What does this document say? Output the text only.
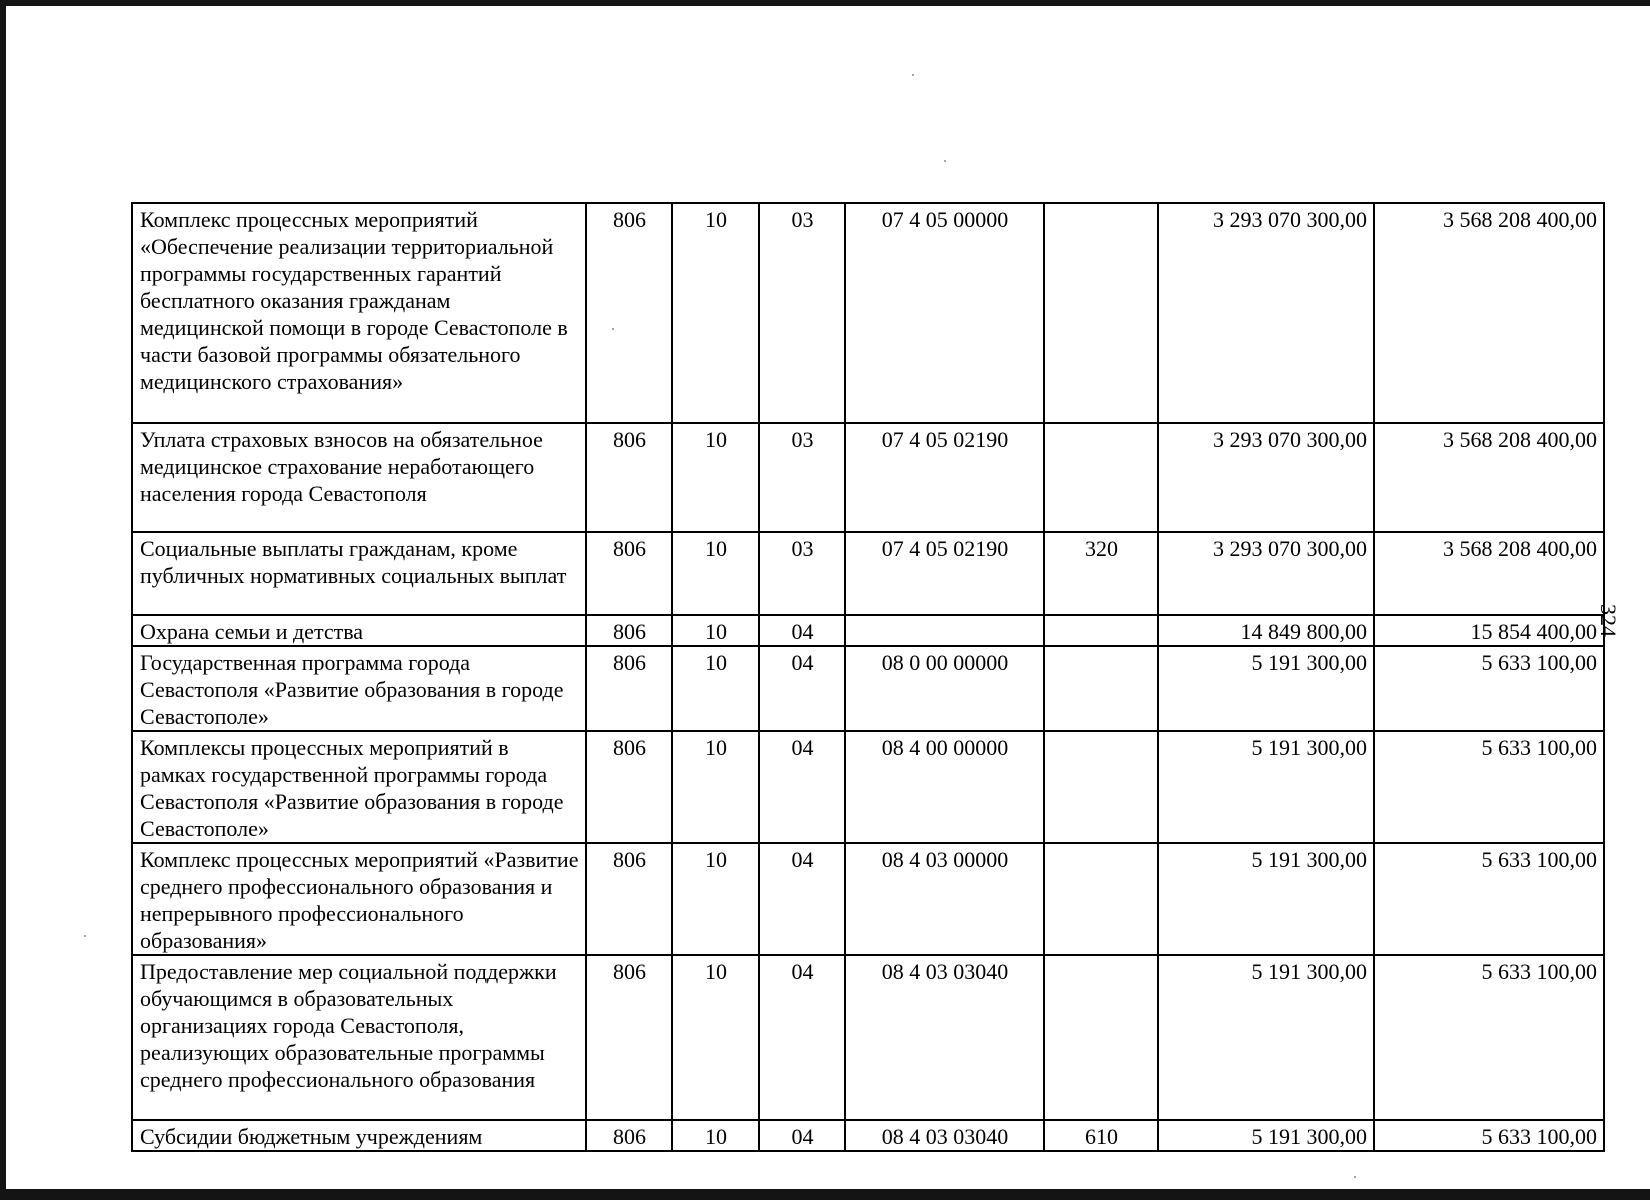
Комплекс процессных мероприятий «Обеспечение реализации территориальной программы государственных гарантий бесплатного оказания гражданам медицинской помощи в городе Севастополе в части базовой программы обязательного медицинского страхования»	806	10	03	07 4 05 00000		3 293 070 300,00	3 568 208 400,00
Уплата страховых взносов на обязательное медицинское страхование неработающего населения города Севастополя	806	10	03	07 4 05 02190		3 293 070 300,00	3 568 208 400,00
Социальные выплаты гражданам, кроме публичных нормативных социальных выплат	806	10	03	07 4 05 02190	320	3 293 070 300,00	3 568 208 400,00
Охрана семьи и детства	806	10	04			14 849 800,00	15 854 400,00
Государственная программа города Севастополя «Развитие образования в городе Севастополе»	806	10	04	08 0 00 00000		5 191 300,00	5 633 100,00
Комплексы процессных мероприятий в рамках государственной программы города Севастополя «Развитие образования в городе Севастополе»	806	10	04	08 4 00 00000		5 191 300,00	5 633 100,00
Комплекс процессных мероприятий «Развитие среднего профессионального образования и непрерывного профессионального образования»	806	10	04	08 4 03 00000		5 191 300,00	5 633 100,00
Предоставление мер социальной поддержки обучающимся в образовательных организациях города Севастополя, реализующих образовательные программы среднего профессионального образования	806	10	04	08 4 03 03040		5 191 300,00	5 633 100,00
Субсидии бюджетным учреждениям	806	10	04	08 4 03 03040	610	5 191 300,00	5 633 100,00
324
